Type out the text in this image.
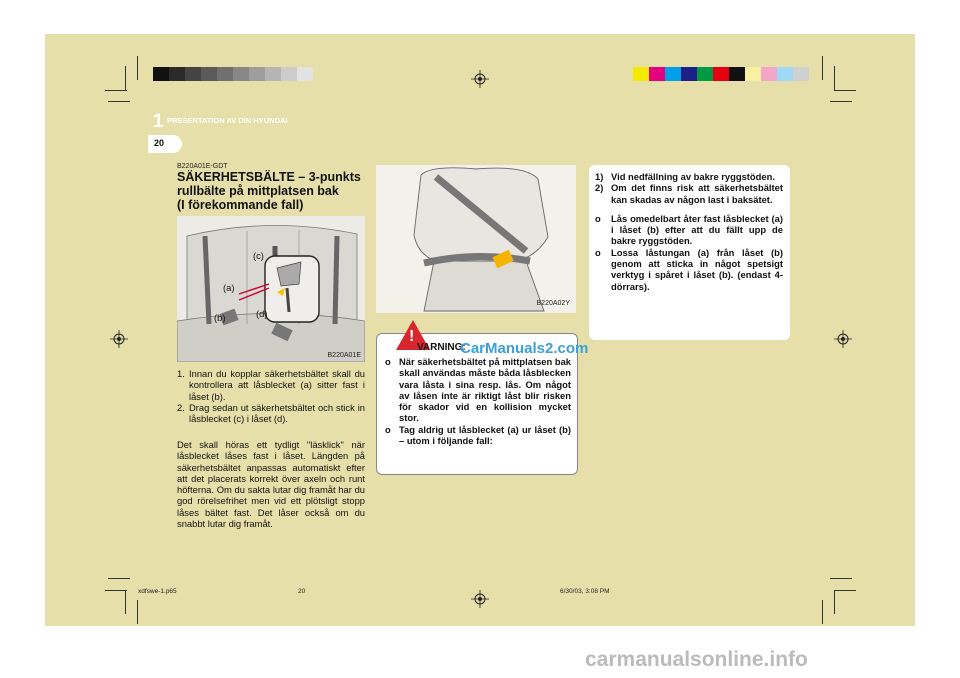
1 PRESENTATION AV DIN HYUNDAI
20
B220A01E-GDT
SÄKERHETSBÄLTE – 3-punkts
rullbälte på mittplatsen bak
(I förekommande fall)
(c)
(a)
(b)	(d)
B220A01E
1. Innan du kopplar säkerhetsbältet skall du kontrollera att låsblecket (a) sitter fast i låset (b).
2. Drag sedan ut säkerhetsbältet och stick in låsblecket (c) i låset (d).
Det skall höras ett tydligt "läsklick" när låsblecket låses fast i låset. Längden på säkerhetsbältet anpassas automatiskt efter att det placerats korrekt över axeln och runt höfterna. Om du sakta lutar dig framåt har du god rörelsefrihet men vid ett plötsligt stopp låses bältet fast. Det låser också om du snabbt lutar dig framåt.
B220A02Y
!
VARNING:
o När säkerhetsbältet på mittplatsen bak skall användas måste båda låsblecken vara låsta i sina resp. lås. Om något av låsen inte är riktigt låst blir risken för skador vid en kollision mycket stor.
o Tag aldrig ut låsblecket (a) ur låset (b) – utom i följande fall:
CarManuals2.com
1) Vid nedfällning av bakre ryggstöden.
2) Om det finns risk att säkerhetsbältet kan skadas av någon last i baksätet.
o Lås omedelbart åter fast låsblecket (a) i låset (b) efter att du fällt upp de bakre ryggstöden.
o Lossa låstungan (a) från låset (b) genom att sticka in något spetsigt verktyg i spåret i låset (b). (endast 4-dörrars).
xdfswe-1.p65	20	6/30/03, 3:08 PM
carmanualsonline.info
